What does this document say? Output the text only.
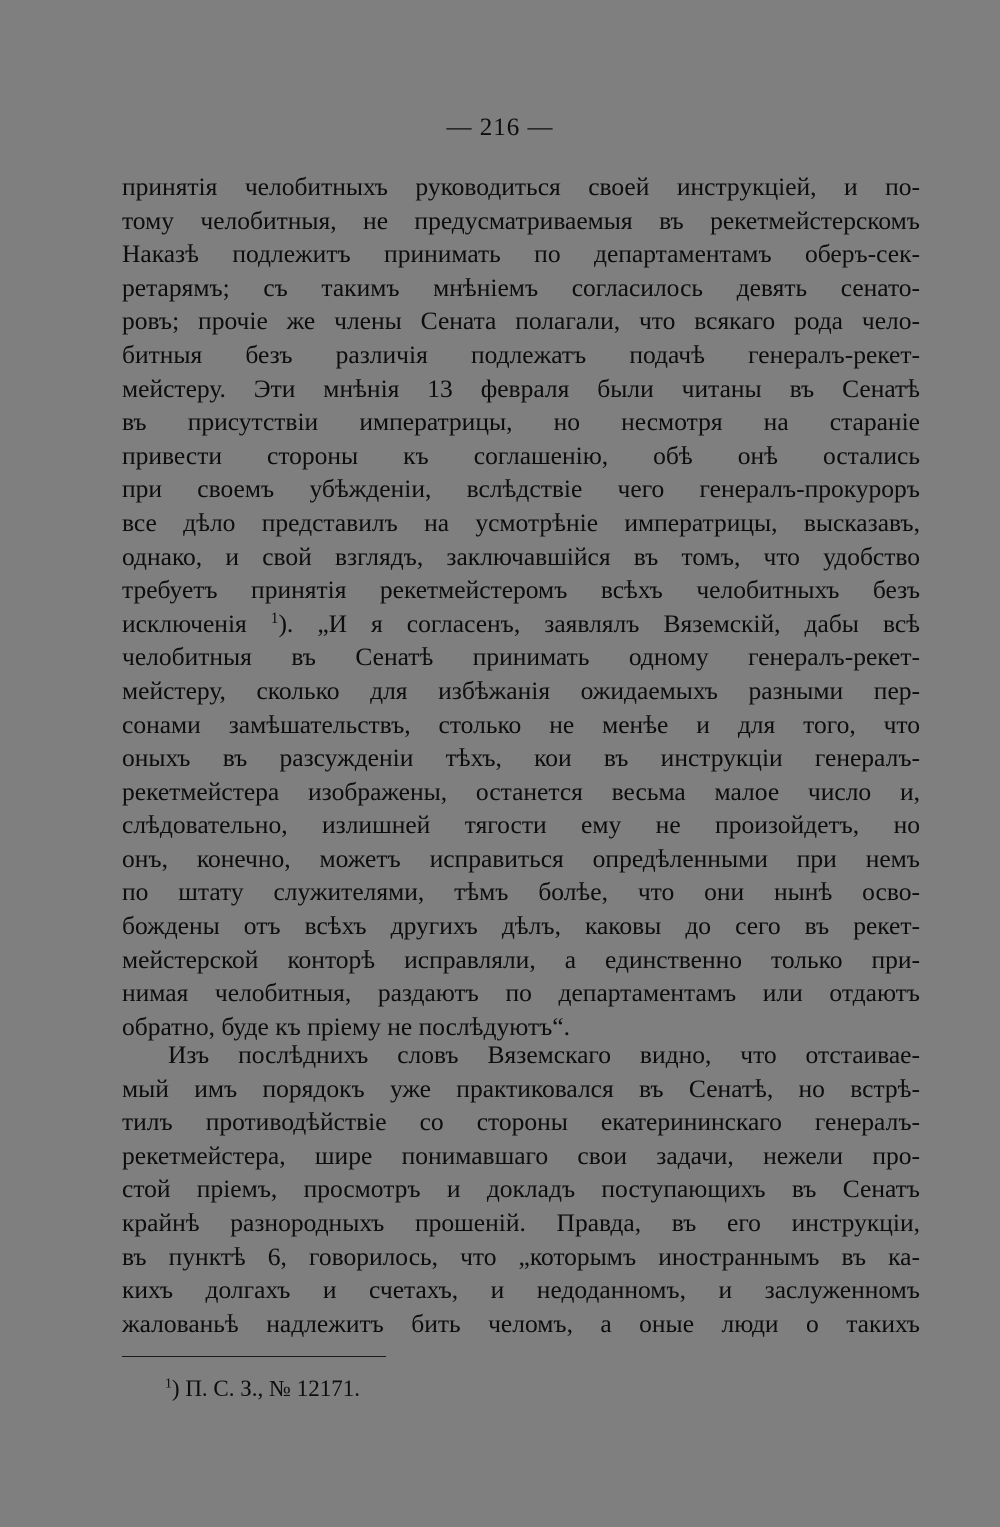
— 216 —
принятія челобитныхъ руководиться своей инструкціей, и по-
тому челобитныя, не предусматриваемыя въ рекетмейстерскомъ
Наказѣ подлежитъ принимать по департаментамъ оберъ-сек-
ретарямъ; съ такимъ мнѣніемъ согласилось девять сенато-
ровъ; прочіе же члены Сената полагали, что всякаго рода чело-
битныя безъ различія подлежатъ подачѣ генералъ-рекет-
мейстеру. Эти мнѣнія 13 февраля были читаны въ Сенатѣ
въ присутствіи императрицы, но несмотря на стараніе
привести стороны къ соглашенію, обѣ онѣ остались
при своемъ убѣжденіи, вслѣдствіе чего генералъ-прокуроръ
все дѣло представилъ на усмотрѣніе императрицы, высказавъ,
однако, и свой взглядъ, заключавшійся въ томъ, что удобство
требуетъ принятія рекетмейстеромъ всѣхъ челобитныхъ безъ
исключенія $^1$). „И я согласенъ, заявлялъ Вяземскій, дабы всѣ
челобитныя въ Сенатѣ принимать одному генералъ-рекет-
мейстеру, сколько для избѣжанія ожидаемыхъ разными пер-
сонами замѣшательствъ, столько не менѣе и для того, что
оныхъ въ разсужденіи тѣхъ, кои въ инструкціи генералъ-
рекетмейстера изображены, останется весьма малое число и,
слѣдовательно, излишней тягости ему не произойдетъ, но
онъ, конечно, можетъ исправиться опредѣленными при немъ
по штату служителями, тѣмъ болѣе, что они нынѣ осво-
бождены отъ всѣхъ другихъ дѣлъ, каковы до сего въ рекет-
мейстерской конторѣ исправляли, а единственно только при-
нимая челобитныя, раздаютъ по департаментамъ или отдаютъ
обратно, буде къ пріему не послѣдуютъ“.
Изъ послѣднихъ словъ Вяземскаго видно, что отстаиваe-
мый имъ порядокъ уже практиковался въ Сенатѣ, но встрѣ-
тилъ противодѣйствіе со стороны екатерининскаго генералъ-
рекетмейстера, шире понимавшаго свои задачи, нежели про-
стой пріемъ, просмотръ и докладъ поступающихъ въ Сенатъ
крайнѣ разнородныхъ прошеній. Правда, въ его инструкціи,
въ пунктѣ 6, говорилось, что „которымъ иностраннымъ въ ка-
кихъ долгахъ и счетахъ, и недоданномъ, и заслуженномъ
жалованьѣ надлежитъ бить челомъ, а оные люди о такихъ
$^1$) П. С. З., № 12171.
